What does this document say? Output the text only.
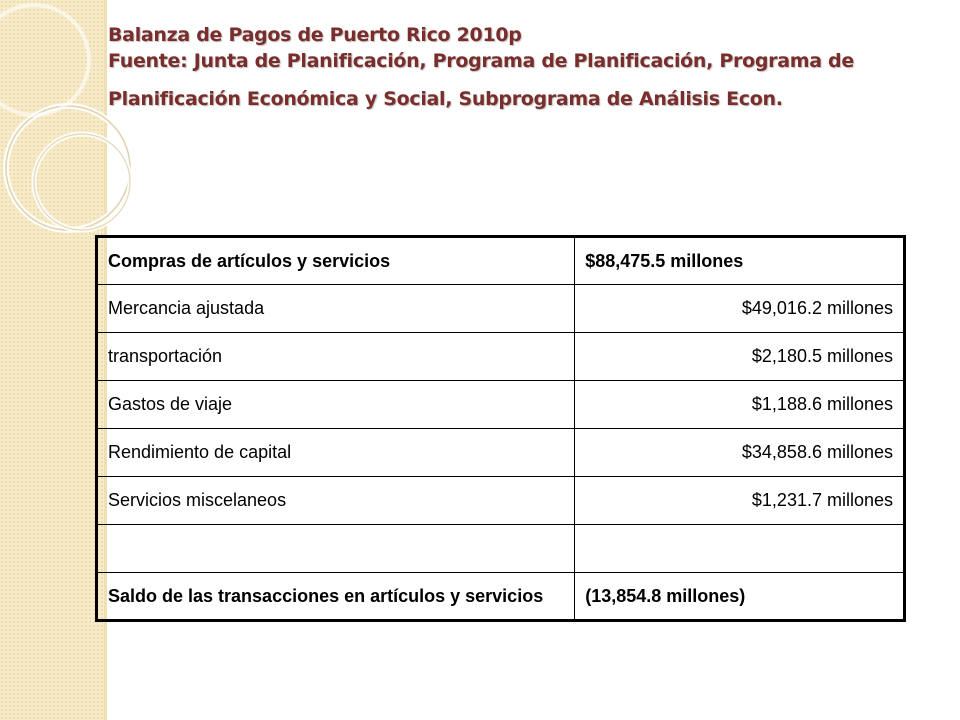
Balanza de Pagos de Puerto Rico 2010p
Fuente: Junta de Planificación, Programa de Planificación, Programa de
Planificación Económica y Social, Subprograma de Análisis Econ.
Compras de artículos y servicios	$88,475.5 millones
Mercancia ajustada	$49,016.2 millones
transportación	$2,180.5 millones
Gastos de viaje	$1,188.6 millones
Rendimiento de capital	$34,858.6 millones
Servicios miscelaneos	$1,231.7 millones

Saldo de las transacciones en artículos y servicios	(13,854.8 millones)
